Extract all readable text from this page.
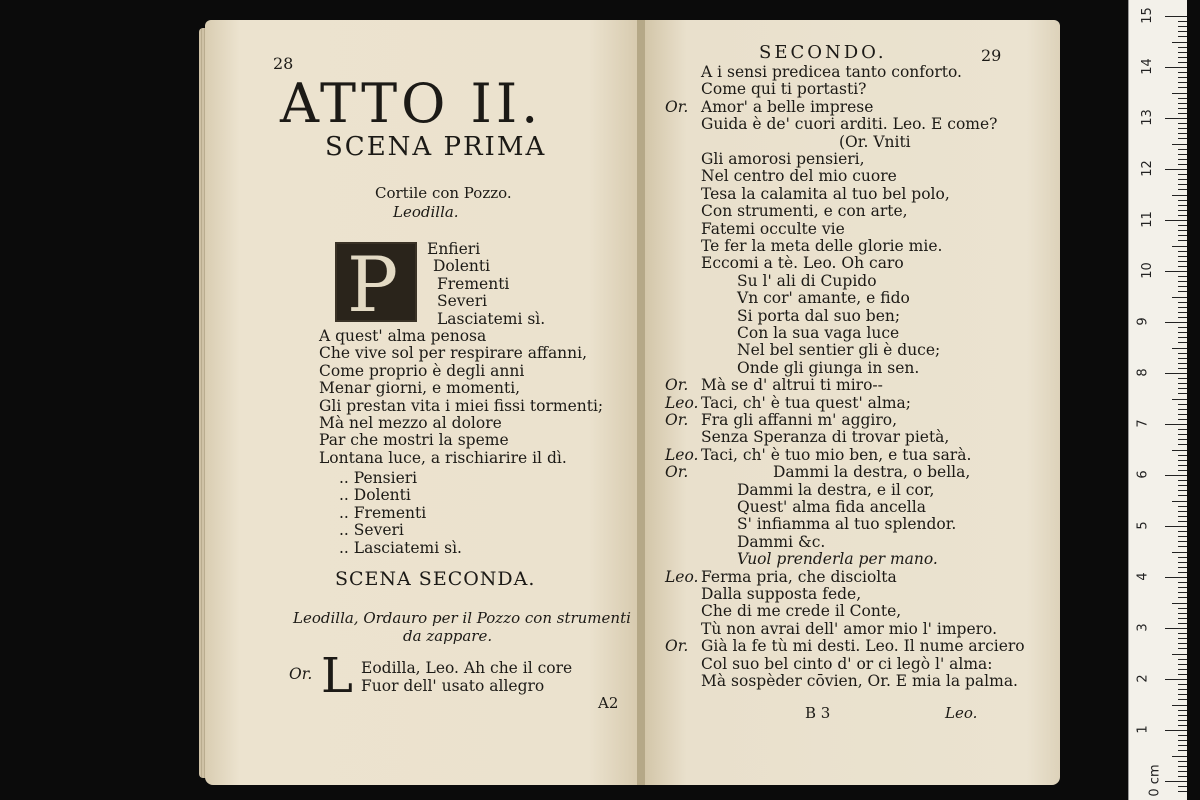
28
ATTO II.
SCENA PRIMA
Cortile con Pozzo.
Leodilla.
P Enfieri
Dolenti
Frementi
Severi
Lasciatemi sì.
A quest' alma penosa
Che vive sol per respirare affanni,
Come proprio è degli anni
Menar giorni, e momenti,
Gli prestan vita i miei fissi tormenti;
Mà nel mezzo al dolore
Par che mostri la speme
Lontana luce, a rischiarire il dì.
.. Pensieri
.. Dolenti
.. Frementi
.. Severi
.. Lasciatemi sì.
SCENA SECONDA.
Leodilla, Ordauro per il Pozzo con strumenti
da zappare.
Or. L Eodilla, Leo. Ah che il core
Fuor dell' usato allegro
A2
SECONDO.	29
A i sensi predicea tanto conforto.
Come qui ti portasti?
Or. Amor' a belle imprese
Guida è de' cuori arditi. Leo. E come?
(Or. Vniti
Gli amorosi pensieri,
Nel centro del mio cuore
Tesa la calamita al tuo bel polo,
Con strumenti, e con arte,
Fatemi occulte vie
Te fer la meta delle glorie mie.
Eccomi a tè. Leo. Oh caro
Su l' ali di Cupido
Vn cor' amante, e fido
Si porta dal suo ben;
Con la sua vaga luce
Nel bel sentier gli è duce;
Onde gli giunga in sen.
Or. Mà se d' altrui ti miro--
Leo. Taci, ch' è tua quest' alma;
Or. Fra gli affanni m' aggiro,
Senza Speranza di trovar pietà,
Leo. Taci, ch' è tuo mio ben, e tua sarà.
Or.	Dammi la destra, o bella,
Dammi la destra, e il cor,
Quest' alma fida ancella
S' infiamma al tuo splendor.
Dammi &c.
Vuol prenderla per mano.
Leo. Ferma pria, che disciolta
Dalla supposta fede,
Che di me crede il Conte,
Tù non avrai dell' amor mio l' impero.
Or. Già la fe tù mi desti. Leo. Il nume arciero
Col suo bel cinto d' or ci legò l' alma:
Mà sospèder cōvien, Or. E mia la palma.
B 3	Leo.
15
14
13
12
11
10
9
8
7
6
5
4
3
2
1
0 cm
